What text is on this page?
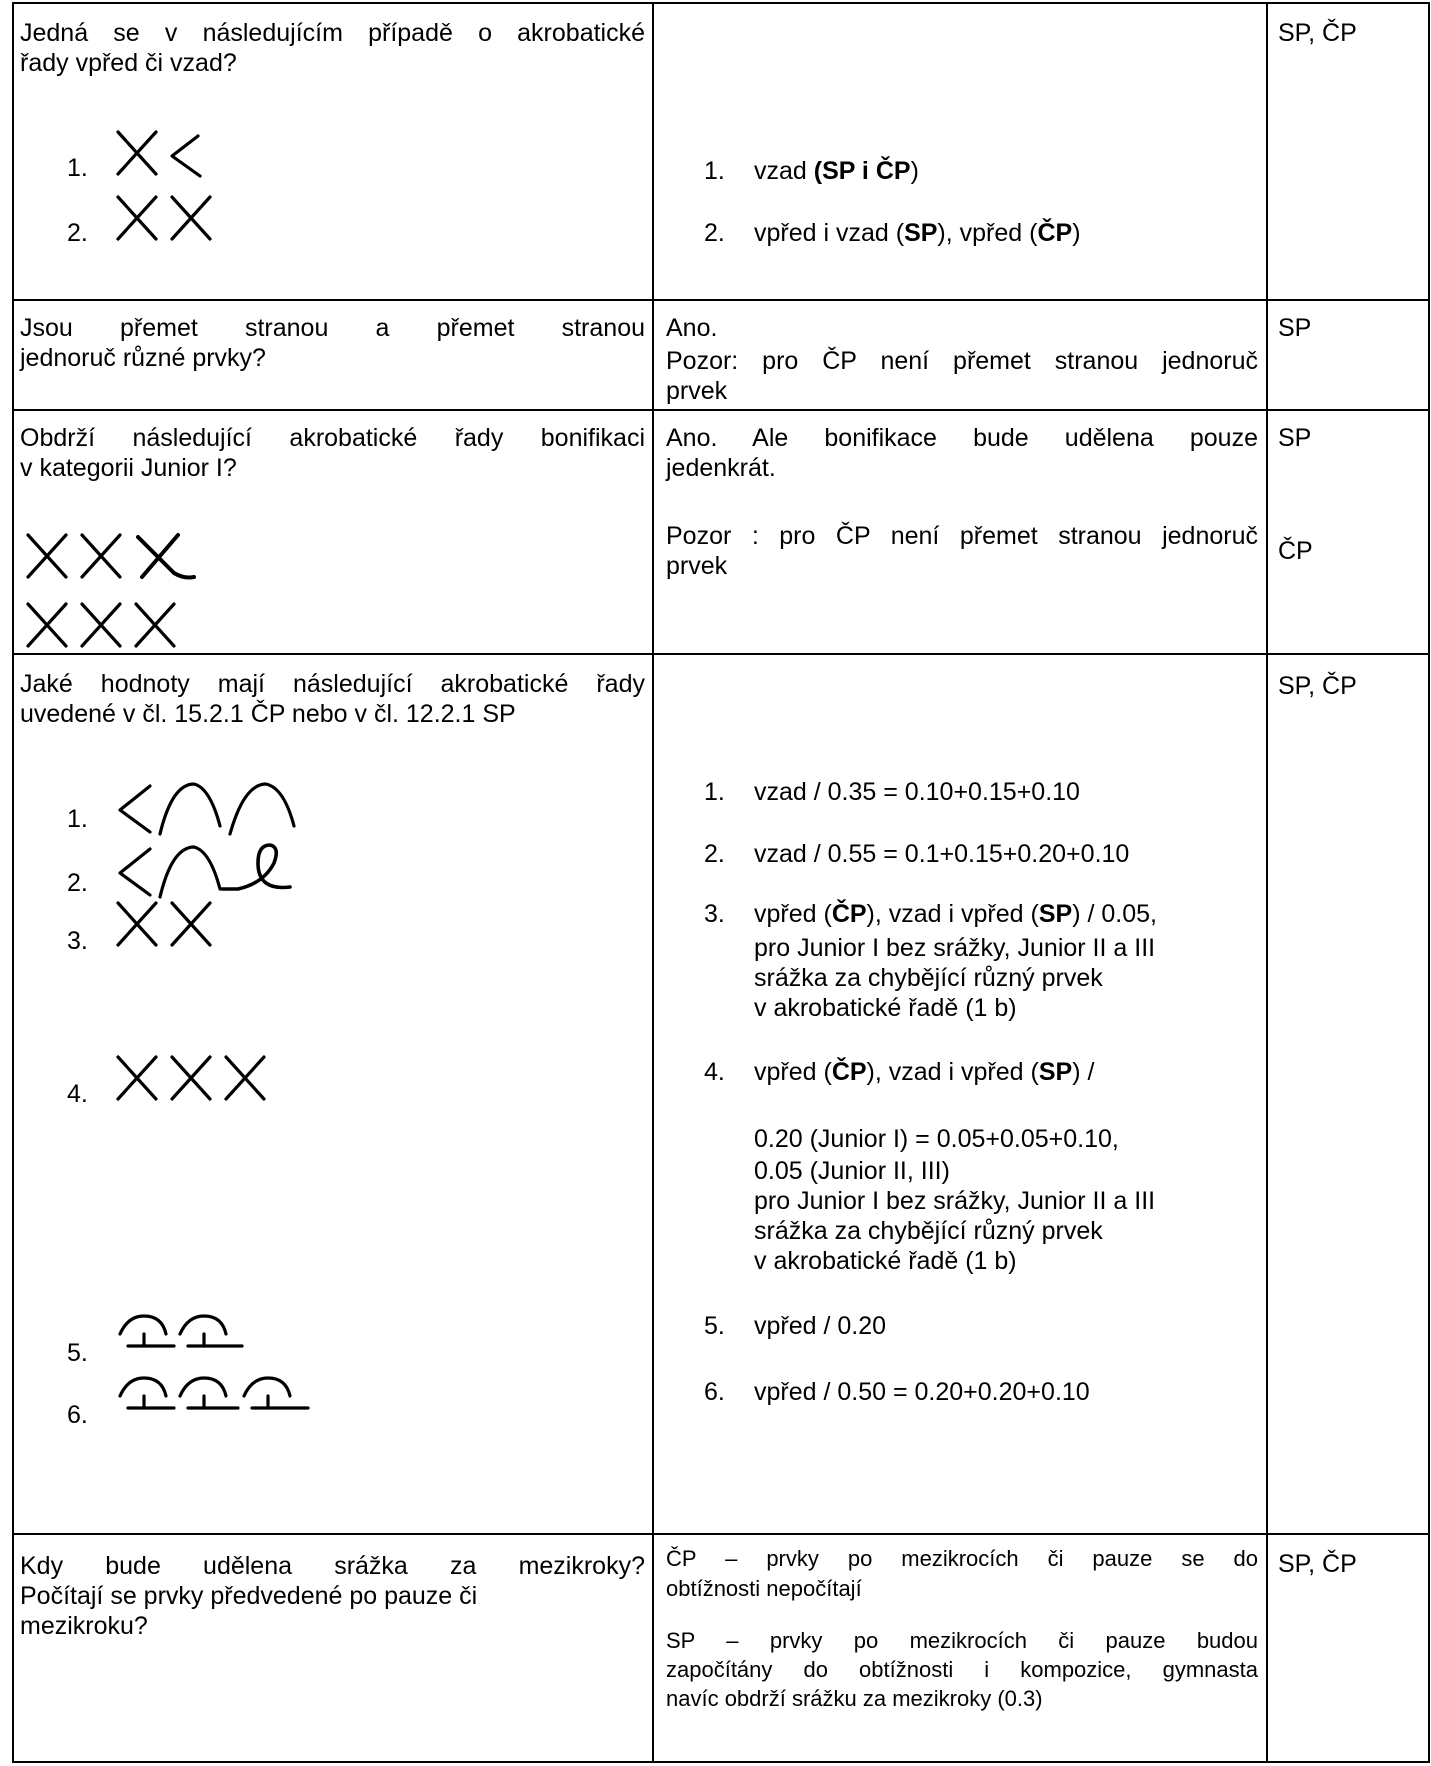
Jedná se v následujícím případě o akrobatické
řady vpřed či vzad?
1.
2.
1. vzad (SP i ČP)
2. vpřed i vzad (SP), vpřed (ČP)
SP, ČP
Jsou přemet stranou a přemet stranou
jednoruč různé prvky?
Ano.
Pozor: pro ČP není přemet stranou jednoruč
prvek
SP
Obdrží následující akrobatické řady bonifikaci
v kategorii Junior I?
Ano. Ale bonifikace bude udělena pouze
jedenkrát.
Pozor : pro ČP není přemet stranou jednoruč
prvek
SP
ČP
Jaké hodnoty mají následující akrobatické řady
uvedené v čl. 15.2.1 ČP nebo v čl. 12.2.1 SP
1.
2.
3.
4.
5.
6.
1. vzad / 0.35 = 0.10+0.15+0.10
2. vzad / 0.55 = 0.1+0.15+0.20+0.10
3. vpřed (ČP), vzad i vpřed (SP) / 0.05,
pro Junior I bez srážky, Junior II a III
srážka za chybějící různý prvek
v akrobatické řadě (1 b)
4. vpřed (ČP), vzad i vpřed (SP) /
0.20 (Junior I) = 0.05+0.05+0.10,
0.05 (Junior II, III)
pro Junior I bez srážky, Junior II a III
srážka za chybějící různý prvek
v akrobatické řadě (1 b)
5. vpřed / 0.20
6. vpřed / 0.50 = 0.20+0.20+0.10
SP, ČP
Kdy bude udělena srážka za mezikroky?
Počítají se prvky předvedené po pauze či
mezikroku?
ČP – prvky po mezikrocích či pauze se do
obtížnosti nepočítají
SP – prvky po mezikrocích či pauze budou
započítány do obtížnosti i kompozice, gymnasta
navíc obdrží srážku za mezikroky (0.3)
SP, ČP
